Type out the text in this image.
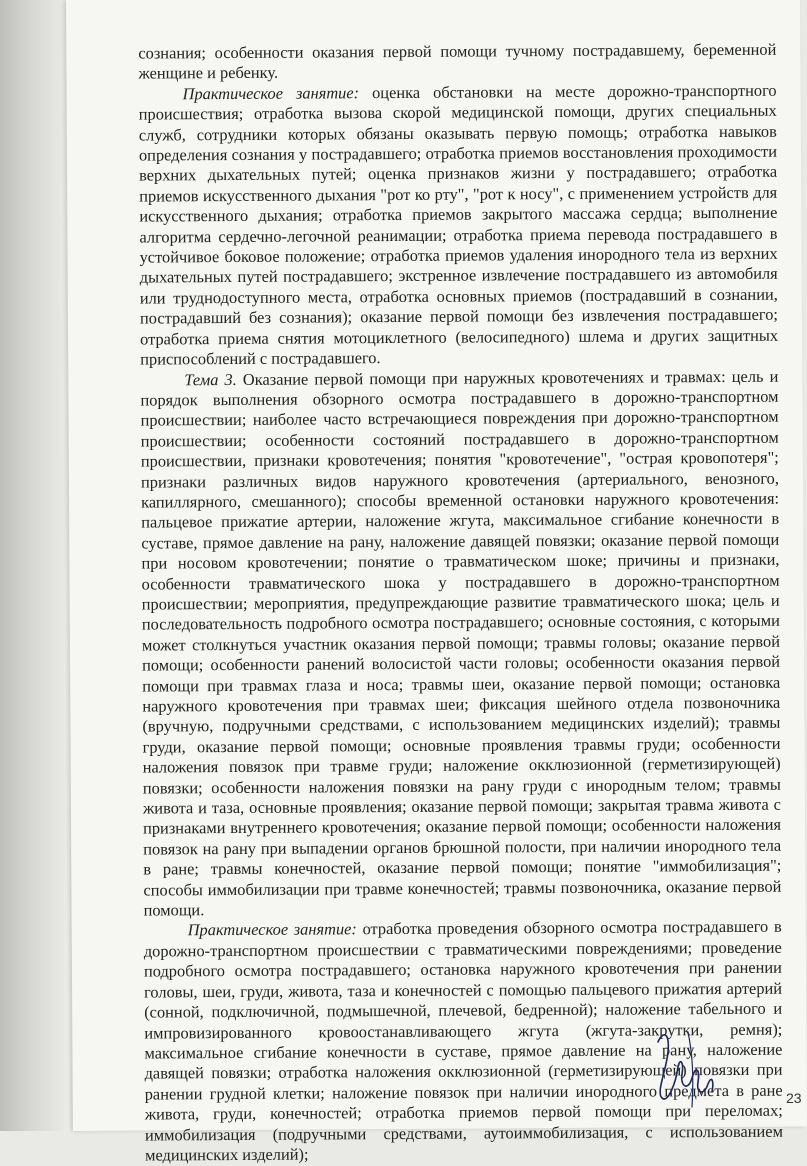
сознания; особенности оказания первой помощи тучному пострадавшему, беременной женщине и ребенку.

Практическое занятие: оценка обстановки на месте дорожно-транспортного происшествия; отработка вызова скорой медицинской помощи, других специальных служб, сотрудники которых обязаны оказывать первую помощь; отработка навыков определения сознания у пострадавшего; отработка приемов восстановления проходимости верхних дыхательных путей; оценка признаков жизни у пострадавшего; отработка приемов искусственного дыхания "рот ко рту", "рот к носу", с применением устройств для искусственного дыхания; отработка приемов закрытого массажа сердца; выполнение алгоритма сердечно-легочной реанимации; отработка приема перевода пострадавшего в устойчивое боковое положение; отработка приемов удаления инородного тела из верхних дыхательных путей пострадавшего; экстренное извлечение пострадавшего из автомобиля или труднодоступного места, отработка основных приемов (пострадавший в сознании, пострадавший без сознания); оказание первой помощи без извлечения пострадавшего; отработка приема снятия мотоциклетного (велосипедного) шлема и других защитных приспособлений с пострадавшего.

Тема 3. Оказание первой помощи при наружных кровотечениях и травмах: цель и порядок выполнения обзорного осмотра пострадавшего в дорожно-транспортном происшествии; наиболее часто встречающиеся повреждения при дорожно-транспортном происшествии; особенности состояний пострадавшего в дорожно-транспортном происшествии, признаки кровотечения; понятия "кровотечение", "острая кровопотеря"; признаки различных видов наружного кровотечения (артериального, венозного, капиллярного, смешанного); способы временной остановки наружного кровотечения: пальцевое прижатие артерии, наложение жгута, максимальное сгибание конечности в суставе, прямое давление на рану, наложение давящей повязки; оказание первой помощи при носовом кровотечении; понятие о травматическом шоке; причины и признаки, особенности травматического шока у пострадавшего в дорожно-транспортном происшествии; мероприятия, предупреждающие развитие травматического шока; цель и последовательность подробного осмотра пострадавшего; основные состояния, с которыми может столкнуться участник оказания первой помощи; травмы головы; оказание первой помощи; особенности ранений волосистой части головы; особенности оказания первой помощи при травмах глаза и носа; травмы шеи, оказание первой помощи; остановка наружного кровотечения при травмах шеи; фиксация шейного отдела позвоночника (вручную, подручными средствами, с использованием медицинских изделий); травмы груди, оказание первой помощи; основные проявления травмы груди; особенности наложения повязок при травме груди; наложение окклюзионной (герметизирующей) повязки; особенности наложения повязки на рану груди с инородным телом; травмы живота и таза, основные проявления; оказание первой помощи; закрытая травма живота с признаками внутреннего кровотечения; оказание первой помощи; особенности наложения повязок на рану при выпадении органов брюшной полости, при наличии инородного тела в ране; травмы конечностей, оказание первой помощи; понятие "иммобилизация"; способы иммобилизации при травме конечностей; травмы позвоночника, оказание первой помощи.

Практическое занятие: отработка проведения обзорного осмотра пострадавшего в дорожно-транспортном происшествии с травматическими повреждениями; проведение подробного осмотра пострадавшего; остановка наружного кровотечения при ранении головы, шеи, груди, живота, таза и конечностей с помощью пальцевого прижатия артерий (сонной, подключичной, подмышечной, плечевой, бедренной); наложение табельного и импровизированного кровоостанавливающего жгута (жгута-закрутки, ремня); максимальное сгибание конечности в суставе, прямое давление на рану, наложение давящей повязки; отработка наложения окклюзионной (герметизирующей) повязки при ранении грудной клетки; наложение повязок при наличии инородного предмета в ране живота, груди, конечностей; отработка приемов первой помощи при переломах; иммобилизация (подручными средствами, аутоиммобилизация, с использованием медицинских изделий);

23
